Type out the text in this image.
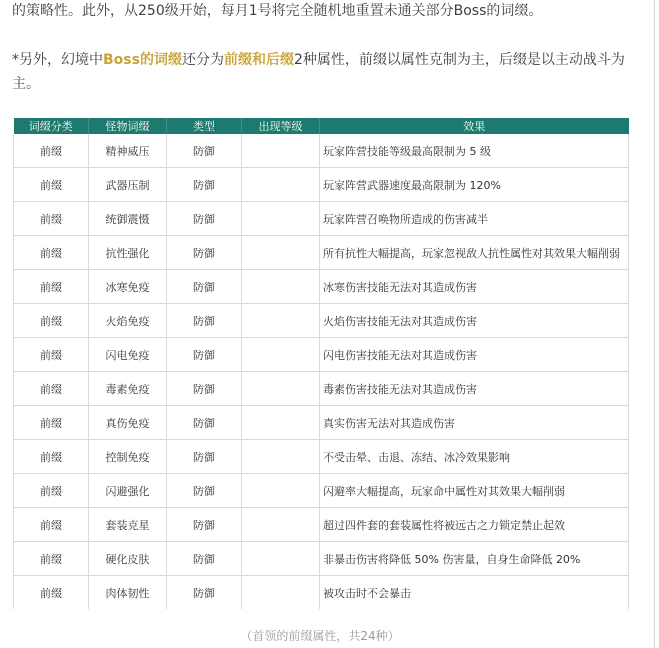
的策略性。此外，从250级开始，每月1号将完全随机地重置未通关部分Boss的词缀。
*另外，幻境中Boss的词缀还分为前缀和后缀2种属性，前缀以属性克制为主，后缀是以主动战斗为主。
词缀分类	怪物词缀	类型	出现等级	效果
前缀	精神威压	防御		玩家阵营技能等级最高限制为 5 级
前缀	武器压制	防御		玩家阵营武器速度最高限制为 120%
前缀	统御震慑	防御		玩家阵营召唤物所造成的伤害减半
前缀	抗性强化	防御		所有抗性大幅提高，玩家忽视敌人抗性属性对其效果大幅削弱
前缀	冰寒免疫	防御		冰寒伤害技能无法对其造成伤害
前缀	火焰免疫	防御		火焰伤害技能无法对其造成伤害
前缀	闪电免疫	防御		闪电伤害技能无法对其造成伤害
前缀	毒素免疫	防御		毒素伤害技能无法对其造成伤害
前缀	真伤免疫	防御		真实伤害无法对其造成伤害
前缀	控制免疫	防御		不受击晕、击退、冻结、冰冷效果影响
前缀	闪避强化	防御		闪避率大幅提高，玩家命中属性对其效果大幅削弱
前缀	套装克星	防御		超过四件套的套装属性将被远古之力锁定禁止起效
前缀	硬化皮肤	防御		非暴击伤害将降低 50% 伤害量，自身生命降低 20%
前缀	肉体韧性	防御		被攻击时不会暴击
（首领的前缀属性，共24种）
